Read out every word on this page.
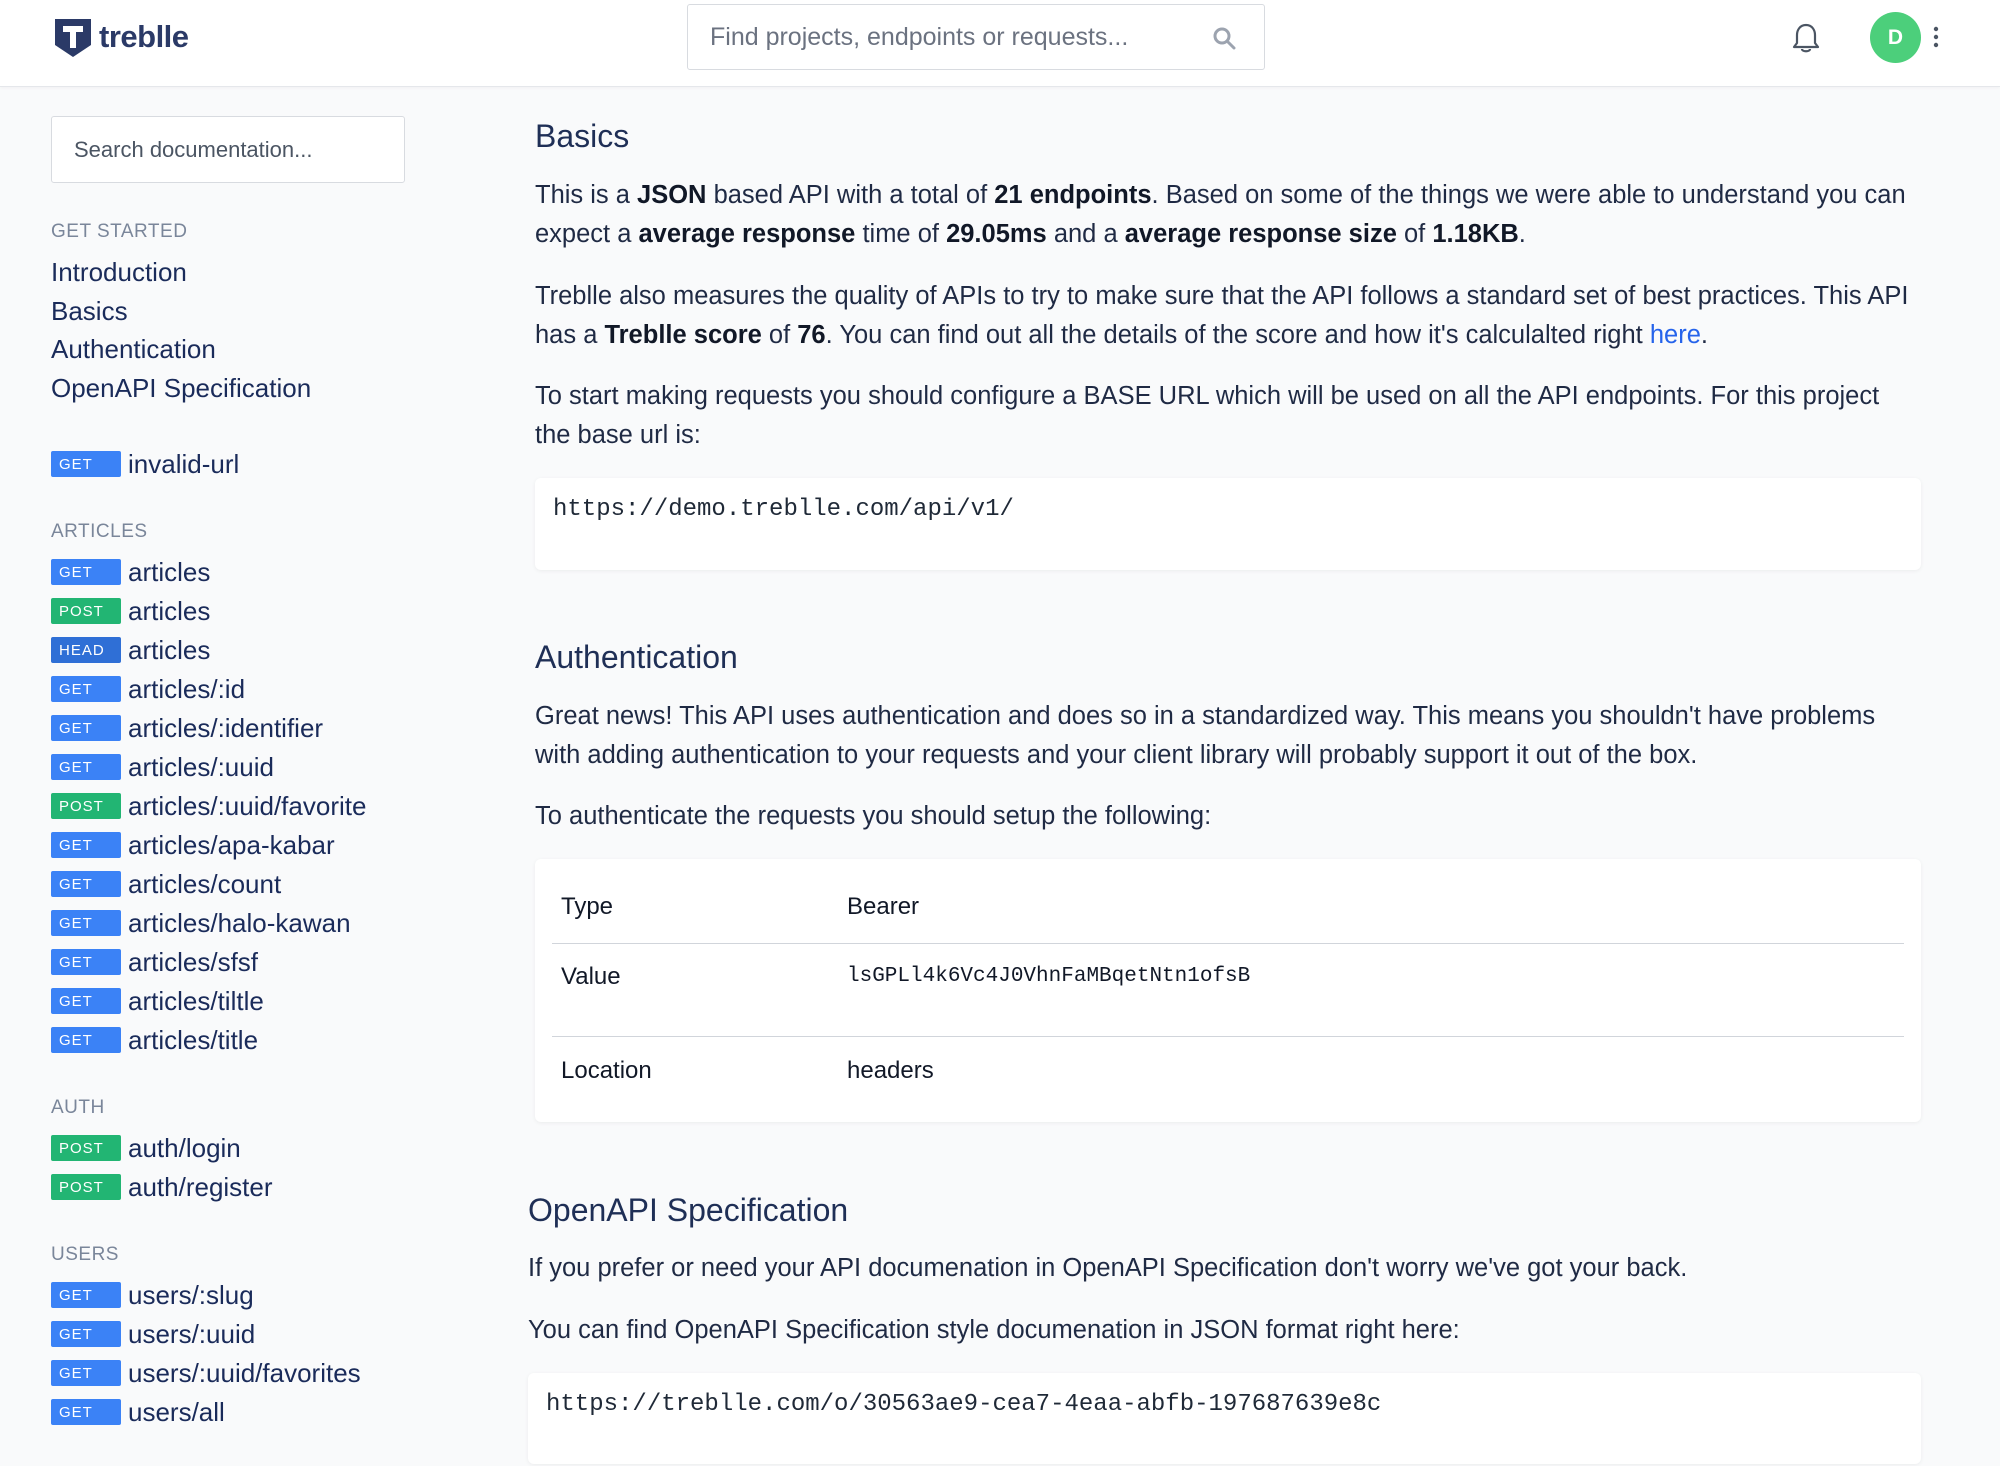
treblle
Find projects, endpoints or requests...	D
Search documentation...
GET STARTED
Introduction
Basics
Authentication
OpenAPI Specification
GET	invalid-url
ARTICLES
GET	articles
POST articles
HEAD articles
GET	articles/:id
GET	articles/:identifier
GET	articles/:uuid
POST articles/:uuid/favorite
GET	articles/apa-kabar
GET	articles/count
GET	articles/halo-kawan
GET	articles/sfsf
GET	articles/tiltle
GET	articles/title
AUTH
POST auth/login
POST auth/register
USERS
GET	users/:slug
GET	users/:uuid
GET	users/:uuid/favorites
GET	users/all
Basics

This is a JSON based API with a total of 21 endpoints. Based on some of the things we were able to understand you can expect a average response time of 29.05ms and a average response size of 1.18KB.

Treblle also measures the quality of APIs to try to make sure that the API follows a standard set of best practices. This API has a Treblle score of 76. You can find out all the details of the score and how it's calculalted right here.

To start making requests you should configure a BASE URL which will be used on all the API endpoints. For this project the base url is:

https://demo.treblle.com/api/v1/
Authentication

Great news! This API uses authentication and does so in a standardized way. This means you shouldn't have problems with adding authentication to your requests and your client library will probably support it out of the box.

To authenticate the requests you should setup the following:

Type	Bearer
Value	lsGPLl4k6Vc4J0VhnFaMBqetNtn1ofsB
Location	headers
OpenAPI Specification

If you prefer or need your API documenation in OpenAPI Specification don't worry we've got your back.

You can find OpenAPI Specification style documenation in JSON format right here:

https://treblle.com/o/30563ae9-cea7-4eaa-abfb-197687639e8c
